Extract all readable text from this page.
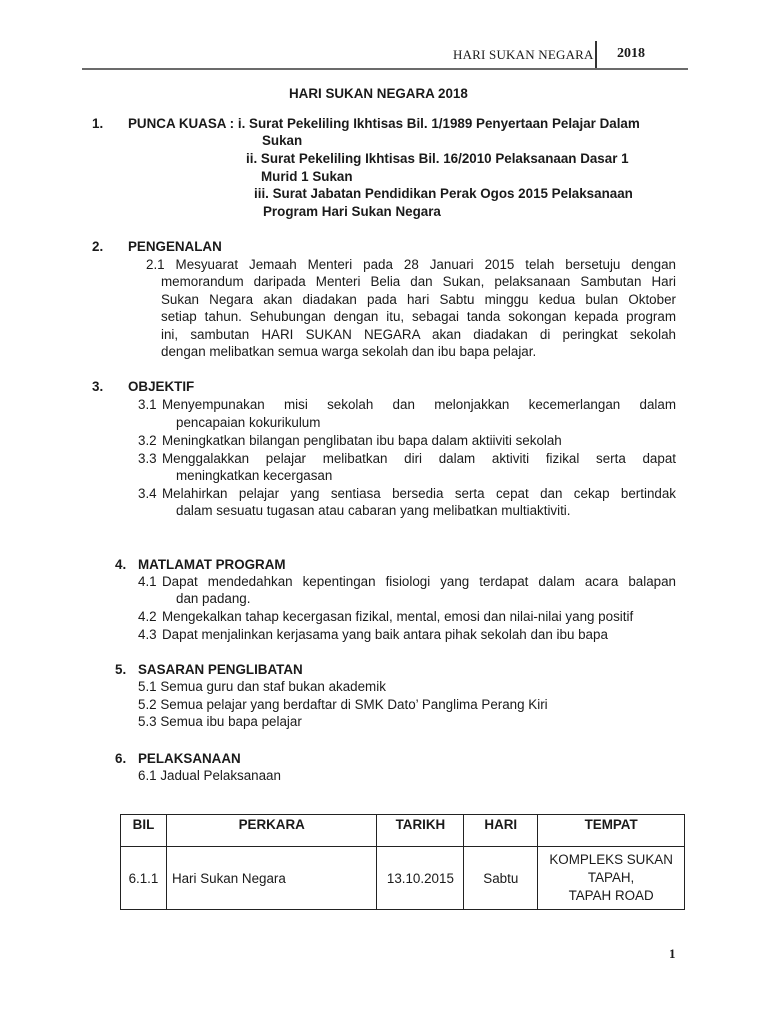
HARI SUKAN NEGARA 2018
HARI SUKAN NEGARA 2018
1. PUNCA KUASA : i. Surat Pekeliling Ikhtisas Bil. 1/1989 Penyertaan Pelajar Dalam
Sukan
ii. Surat Pekeliling Ikhtisas Bil. 16/2010 Pelaksanaan Dasar 1
Murid 1 Sukan
iii. Surat Jabatan Pendidikan Perak Ogos 2015 Pelaksanaan
Program Hari Sukan Negara
2. PENGENALAN
2.1 Mesyuarat Jemaah Menteri pada 28 Januari 2015 telah bersetuju dengan
memorandum daripada Menteri Belia dan Sukan, pelaksanaan Sambutan Hari
Sukan Negara akan diadakan pada hari Sabtu minggu kedua bulan Oktober
setiap tahun. Sehubungan dengan itu, sebagai tanda sokongan kepada program
ini, sambutan HARI SUKAN NEGARA akan diadakan di peringkat sekolah
dengan melibatkan semua warga sekolah dan ibu bapa pelajar.
3. OBJEKTIF
3.1 Menyempunakan misi sekolah dan melonjakkan kecemerlangan dalam
pencapaian kokurikulum
3.2 Meningkatkan bilangan penglibatan ibu bapa dalam aktiiviti sekolah
3.3 Menggalakkan pelajar melibatkan diri dalam aktiviti fizikal serta dapat
meningkatkan kecergasan
3.4 Melahirkan pelajar yang sentiasa bersedia serta cepat dan cekap bertindak
dalam sesuatu tugasan atau cabaran yang melibatkan multiaktiviti.
4. MATLAMAT PROGRAM
4.1 Dapat mendedahkan kepentingan fisiologi yang terdapat dalam acara balapan
dan padang.
4.2 Mengekalkan tahap kecergasan fizikal, mental, emosi dan nilai-nilai yang positif
4.3 Dapat menjalinkan kerjasama yang baik antara pihak sekolah dan ibu bapa
5. SASARAN PENGLIBATAN
5.1 Semua guru dan staf bukan akademik
5.2 Semua pelajar yang berdaftar di SMK Dato’ Panglima Perang Kiri
5.3 Semua ibu bapa pelajar
6. PELAKSANAAN
6.1 Jadual Pelaksanaan
BIL	PERKARA	TARIKH	HARI	TEMPAT
6.1.1	Hari Sukan Negara	13.10.2015	Sabtu	KOMPLEKS SUKAN
TAPAH,
TAPAH ROAD
1
